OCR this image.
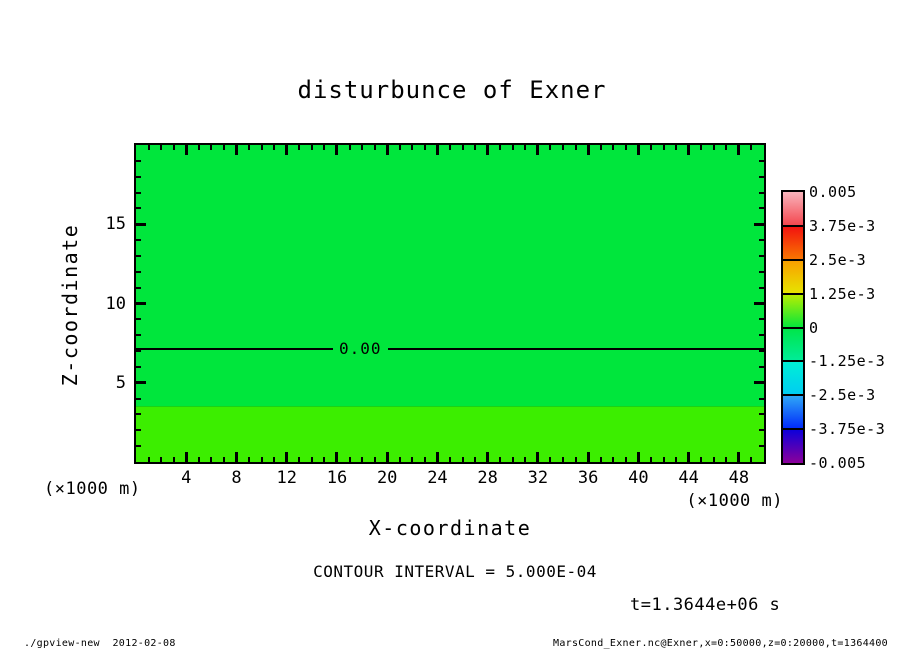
disturbunce of Exner
Z-coordinate	0.00
(×1000 m)
(×1000 m)
X-coordinate
CONTOUR INTERVAL = 5.000E-04
t=1.3644e+06 s
./gpview-new  2012-02-08	MarsCond_Exner.nc@Exner,x=0:50000,z=0:20000,t=1364400
4	8	12	16	20	24	28	32	36	40	44	48
5
10
15
0.005
3.75e-3
2.5e-3
1.25e-3
0
-1.25e-3
-2.5e-3
-3.75e-3
-0.005
